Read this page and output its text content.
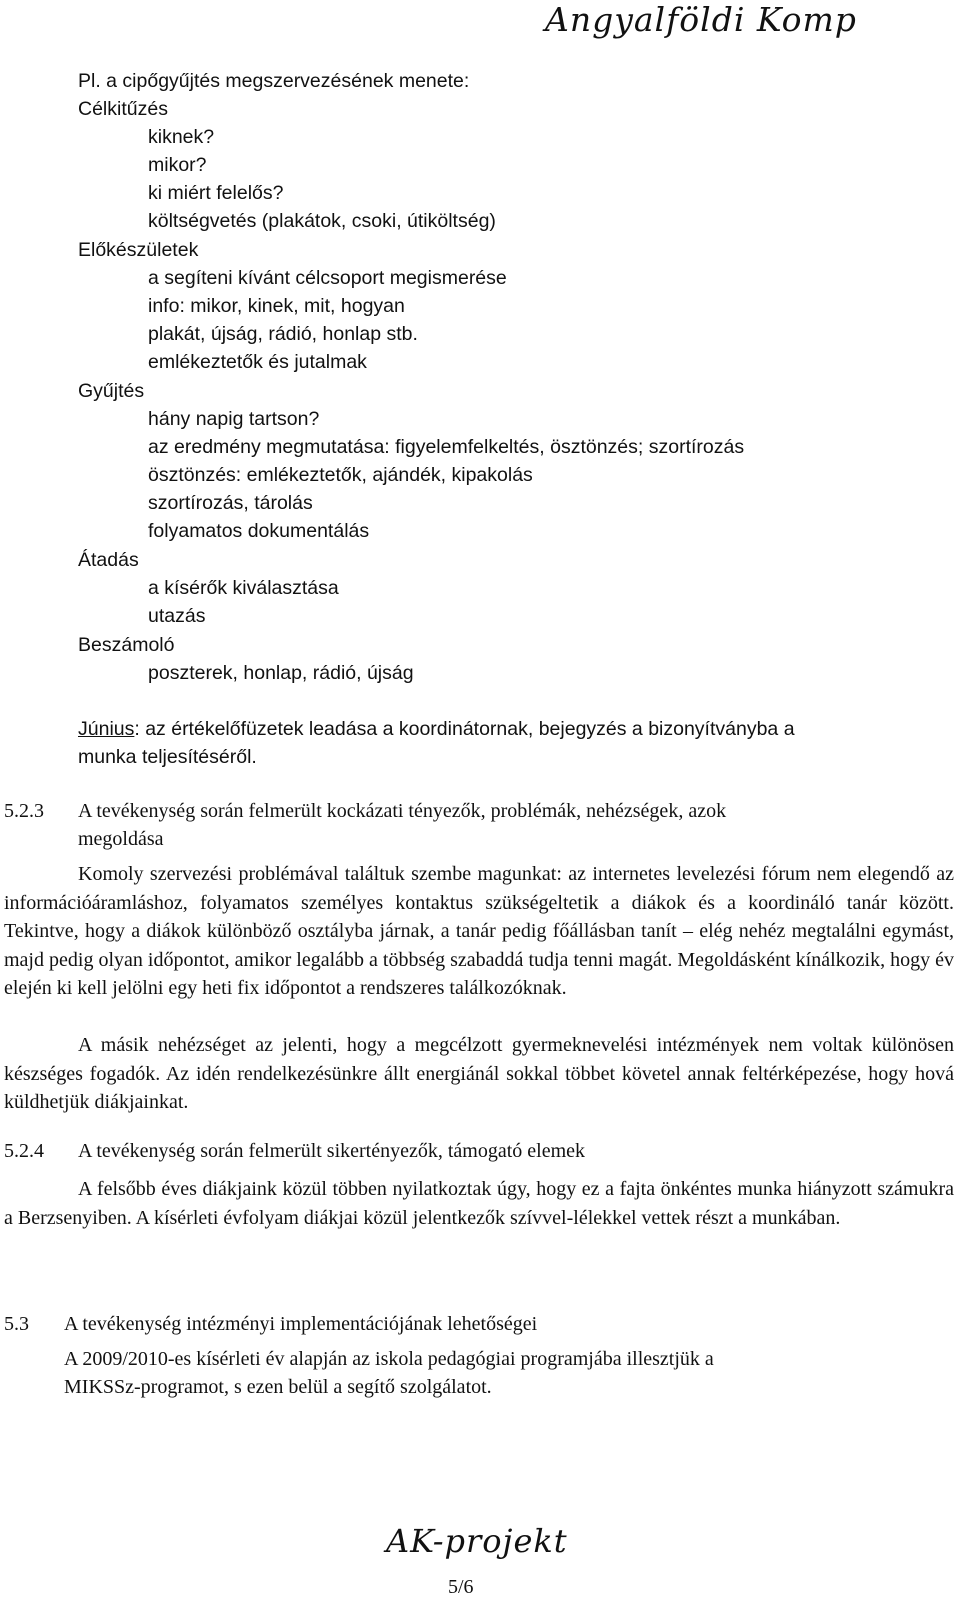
Angyalföldi Komp
Pl. a cipőgyűjtés megszervezésének menete:
Célkitűzés
kiknek?
mikor?
ki miért felelős?
költségvetés (plakátok, csoki, útiköltség)
Előkészületek
a segíteni kívánt célcsoport megismerése
info: mikor, kinek, mit, hogyan
plakát, újság, rádió, honlap stb.
emlékeztetők és jutalmak
Gyűjtés
hány napig tartson?
az eredmény megmutatása: figyelemfelkeltés, ösztönzés; szortírozás
ösztönzés: emlékeztetők, ajándék, kipakolás
szortírozás, tárolás
folyamatos dokumentálás
Átadás
a kísérők kiválasztása
utazás
Beszámoló
poszterek, honlap, rádió, újság
Június: az értékelőfüzetek leadása a koordinátornak, bejegyzés a bizonyítványba a
munka teljesítéséről.
5.2.3 A tevékenység során felmerült kockázati tényezők, problémák, nehézségek, azok
megoldása
Komoly szervezési problémával találtuk szembe magunkat: az internetes levelezési fórum nem elegendő az információáramláshoz, folyamatos személyes kontaktus szükségeltetik a diákok és a koordináló tanár között. Tekintve, hogy a diákok különböző osztályba járnak, a tanár pedig főállásban tanít – elég nehéz megtalálni egymást, majd pedig olyan időpontot, amikor legalább a többség szabaddá tudja tenni magát. Megoldásként kínálkozik, hogy év elején ki kell jelölni egy heti fix időpontot a rendszeres találkozóknak.
A másik nehézséget az jelenti, hogy a megcélzott gyermeknevelési intézmények nem voltak különösen készséges fogadók. Az idén rendelkezésünkre állt energiánál sokkal többet követel annak feltérképezése, hogy hová küldhetjük diákjainkat.
5.2.4 A tevékenység során felmerült sikertényezők, támogató elemek
A felsőbb éves diákjaink közül többen nyilatkoztak úgy, hogy ez a fajta önkéntes munka hiányzott számukra a Berzsenyiben. A kísérleti évfolyam diákjai közül jelentkezők szívvel-lélekkel vettek részt a munkában.
5.3 A tevékenység intézményi implementációjának lehetőségei
A 2009/2010-es kísérleti év alapján az iskola pedagógiai programjába illesztjük a
MIKSSz-programot, s ezen belül a segítő szolgálatot.
AK-projekt
5/6
